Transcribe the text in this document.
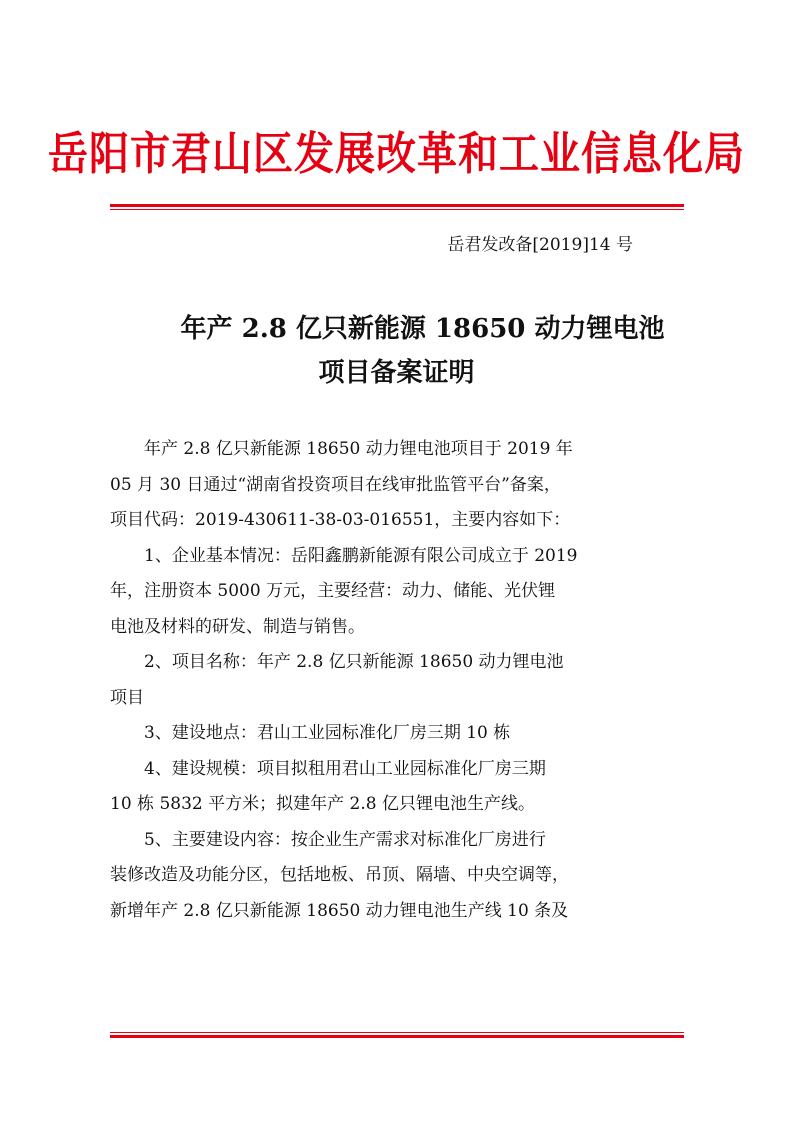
岳阳市君山区发展改革和工业信息化局
岳君发改备[2019]14 号
年产 2.8 亿只新能源 18650 动力锂电池
项目备案证明
年产 2.8 亿只新能源 18650 动力锂电池项目于 2019 年
05 月 30 日通过“湖南省投资项目在线审批监管平台”备案，
项目代码：2019-430611-38-03-016551，主要内容如下：
1、企业基本情况：岳阳鑫鹏新能源有限公司成立于 2019
年，注册资本 5000 万元，主要经营：动力、储能、光伏锂
电池及材料的研发、制造与销售。
2、项目名称：年产 2.8 亿只新能源 18650 动力锂电池
项目
3、建设地点：君山工业园标准化厂房三期 10 栋
4、建设规模：项目拟租用君山工业园标准化厂房三期
10 栋 5832 平方米；拟建年产 2.8 亿只锂电池生产线。
5、主要建设内容：按企业生产需求对标准化厂房进行
装修改造及功能分区，包括地板、吊顶、隔墙、中央空调等，
新增年产 2.8 亿只新能源 18650 动力锂电池生产线 10 条及
